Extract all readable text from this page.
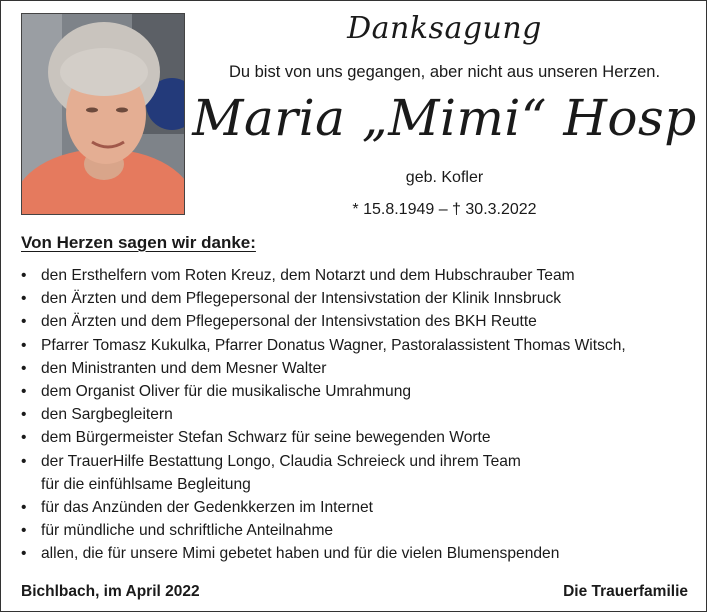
Danksagung
Du bist von uns gegangen, aber nicht aus unseren Herzen.
Maria „Mimi“ Hosp
geb. Kofler
* 15.8.1949 – † 30.3.2022
Von Herzen sagen wir danke:
• den Ersthelfern vom Roten Kreuz, dem Notarzt und dem Hubschrauber Team
• den Ärzten und dem Pflegepersonal der Intensivstation der Klinik Innsbruck
• den Ärzten und dem Pflegepersonal der Intensivstation des BKH Reutte
• Pfarrer Tomasz Kukulka, Pfarrer Donatus Wagner, Pastoralassistent Thomas Witsch,
• den Ministranten und dem Mesner Walter
• dem Organist Oliver für die musikalische Umrahmung
• den Sargbegleitern
• dem Bürgermeister Stefan Schwarz für seine bewegenden Worte
• der TrauerHilfe Bestattung Longo, Claudia Schreieck und ihrem Team
für die einfühlsame Begleitung
• für das Anzünden der Gedenkkerzen im Internet
• für mündliche und schriftliche Anteilnahme
• allen, die für unsere Mimi gebetet haben und für die vielen Blumenspenden
Bichlbach, im April 2022	Die Trauerfamilie
